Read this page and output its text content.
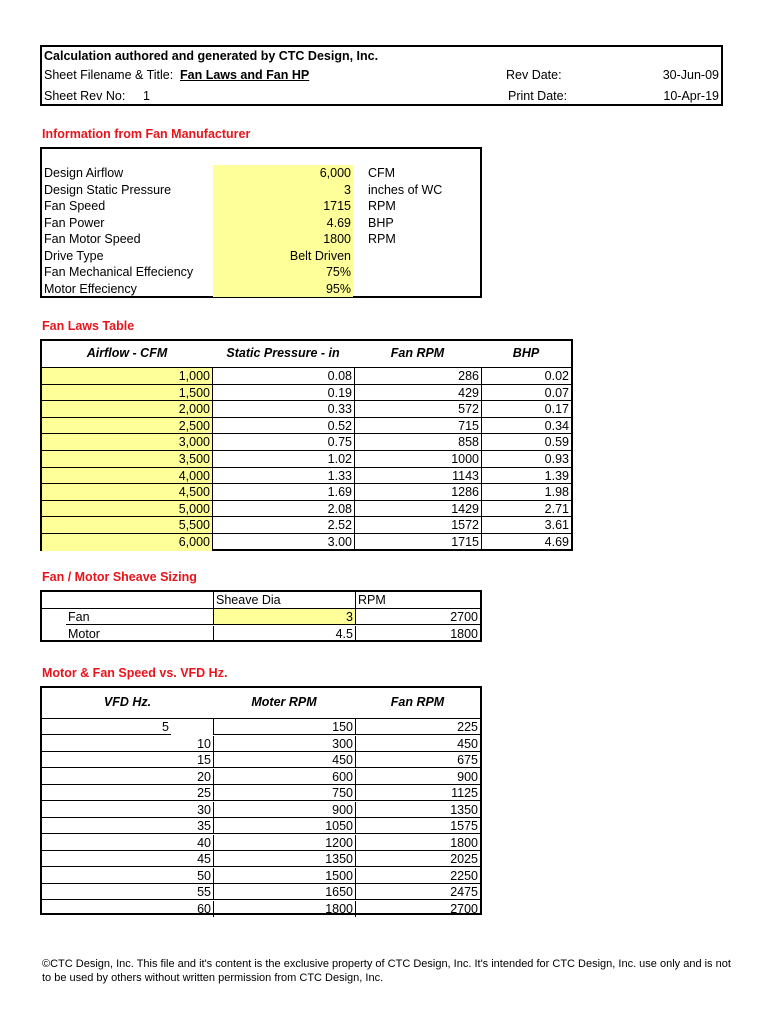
Calculation authored and generated by CTC Design, Inc.
Sheet Filename & Title: Fan Laws and Fan HP	Rev Date:	30-Jun-09
Sheet Rev No: 1	Print Date:	10-Apr-19
Information from Fan Manufacturer
Design Airflow	6,000 CFM
Design Static Pressure	3 inches of WC
Fan Speed	1715 RPM
Fan Power	4.69 BHP
Fan Motor Speed	1800 RPM
Drive Type	Belt Driven
Fan Mechanical Effeciency	75%
Motor Effeciency	95%
Fan Laws Table
Airflow - CFM	Static Pressure - in	Fan RPM	BHP
1,000	0.08	286	0.02
1,500	0.19	429	0.07
2,000	0.33	572	0.17
2,500	0.52	715	0.34
3,000	0.75	858	0.59
3,500	1.02	1000	0.93
4,000	1.33	1143	1.39
4,500	1.69	1286	1.98
5,000	2.08	1429	2.71
5,500	2.52	1572	3.61
6,000	3.00	1715	4.69
Fan / Motor Sheave Sizing
Sheave Dia	RPM
Fan	3	2700
Motor	4.5	1800
Motor & Fan Speed vs. VFD Hz.
VFD Hz.	Moter RPM	Fan RPM
5	150	225
10	300	450
15	450	675
20	600	900
25	750	1125
30	900	1350
35	1050	1575
40	1200	1800
45	1350	2025
50	1500	2250
55	1650	2475
60	1800	2700
©CTC Design, Inc. This file and it's content is the exclusive property of CTC Design, Inc. It's intended for CTC Design, Inc. use only and is not to be used by others without written permission from CTC Design, Inc.
